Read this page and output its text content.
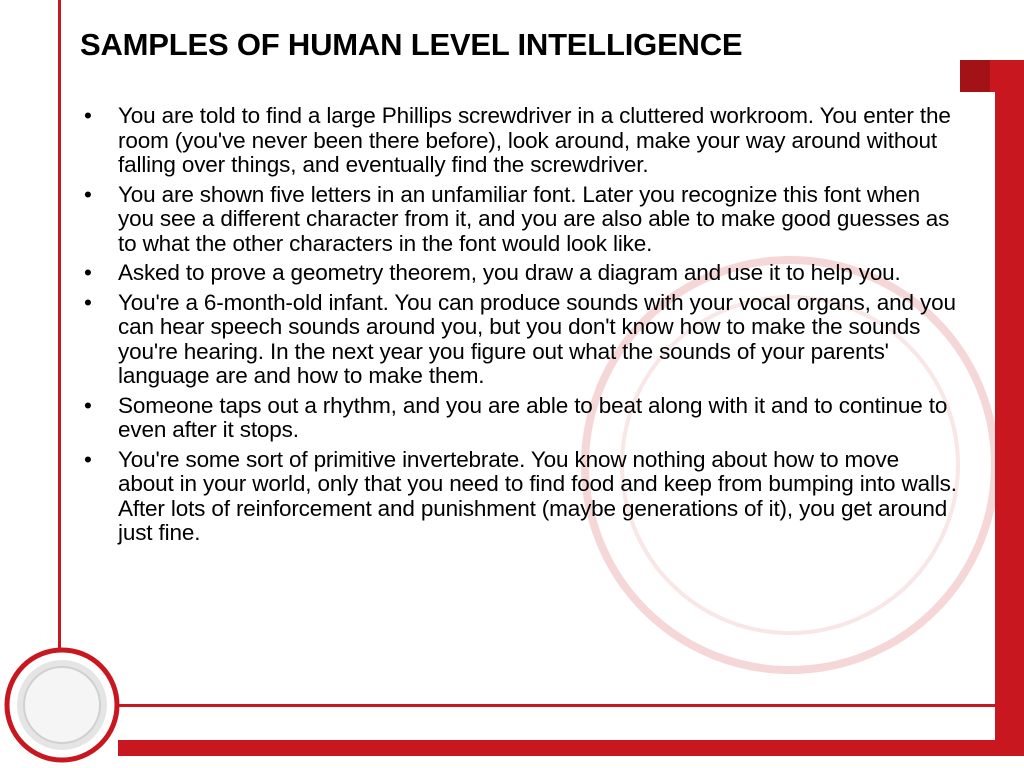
SAMPLES OF HUMAN LEVEL INTELLIGENCE
• You are told to find a large Phillips screwdriver in a cluttered workroom. You enter the room (you've never been there before), look around, make your way around without falling over things, and eventually find the screwdriver.
• You are shown five letters in an unfamiliar font. Later you recognize this font when you see a different character from it, and you are also able to make good guesses as to what the other characters in the font would look like.
• Asked to prove a geometry theorem, you draw a diagram and use it to help you.
• You're a 6-month-old infant. You can produce sounds with your vocal organs, and you can hear speech sounds around you, but you don't know how to make the sounds you're hearing. In the next year you figure out what the sounds of your parents' language are and how to make them.
• Someone taps out a rhythm, and you are able to beat along with it and to continue to even after it stops.
• You're some sort of primitive invertebrate. You know nothing about how to move about in your world, only that you need to find food and keep from bumping into walls. After lots of reinforcement and punishment (maybe generations of it), you get around just fine.
